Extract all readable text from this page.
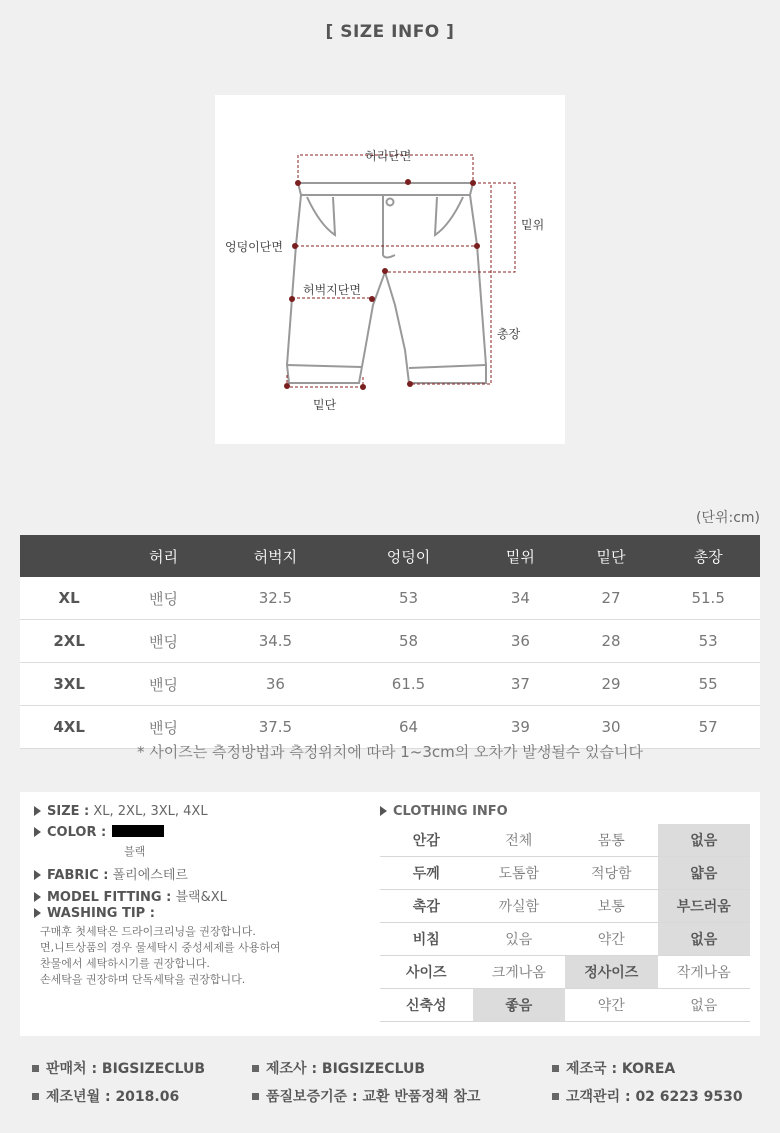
[ SIZE INFO ]
허리단면
밑위
엉덩이단면
허벅지단면
총장
밑단
(단위:cm)
	허리	허벅지	엉덩이	밑위	밑단	총장
XL	밴딩	32.5	53	34	27	51.5
2XL	밴딩	34.5	58	36	28	53
3XL	밴딩	36	61.5	37	29	55
4XL	밴딩	37.5	64	39	30	57
* 사이즈는 측정방법과 측정위치에 따라 1~3cm의 오차가 발생될수 있습니다
SIZE : XL, 2XL, 3XL, 4XL
COLOR :
블랙
FABRIC : 폴리에스테르
MODEL FITTING : 블랙&XL
WASHING TIP :
구매후 첫세탁은 드라이크리닝을 권장합니다.
면,니트상품의 경우 물세탁시 중성세제를 사용하여
찬물에서 세탁하시기를 권장합니다.
손세탁을 권장하며 단독세탁을 권장합니다.
CLOTHING INFO
안감	전체	몸통	없음
두께	도톰함	적당함	얇음
촉감	까실함	보통	부드러움
비침	있음	약간	없음
사이즈	크게나옴	정사이즈	작게나옴
신축성	좋음	약간	없음
판매처 : BIGSIZECLUB	제조사 : BIGSIZECLUB	제조국 : KOREA
제조년월 : 2018.06	품질보증기준 : 교환 반품정책 참고	고객관리 : 02 6223 9530
